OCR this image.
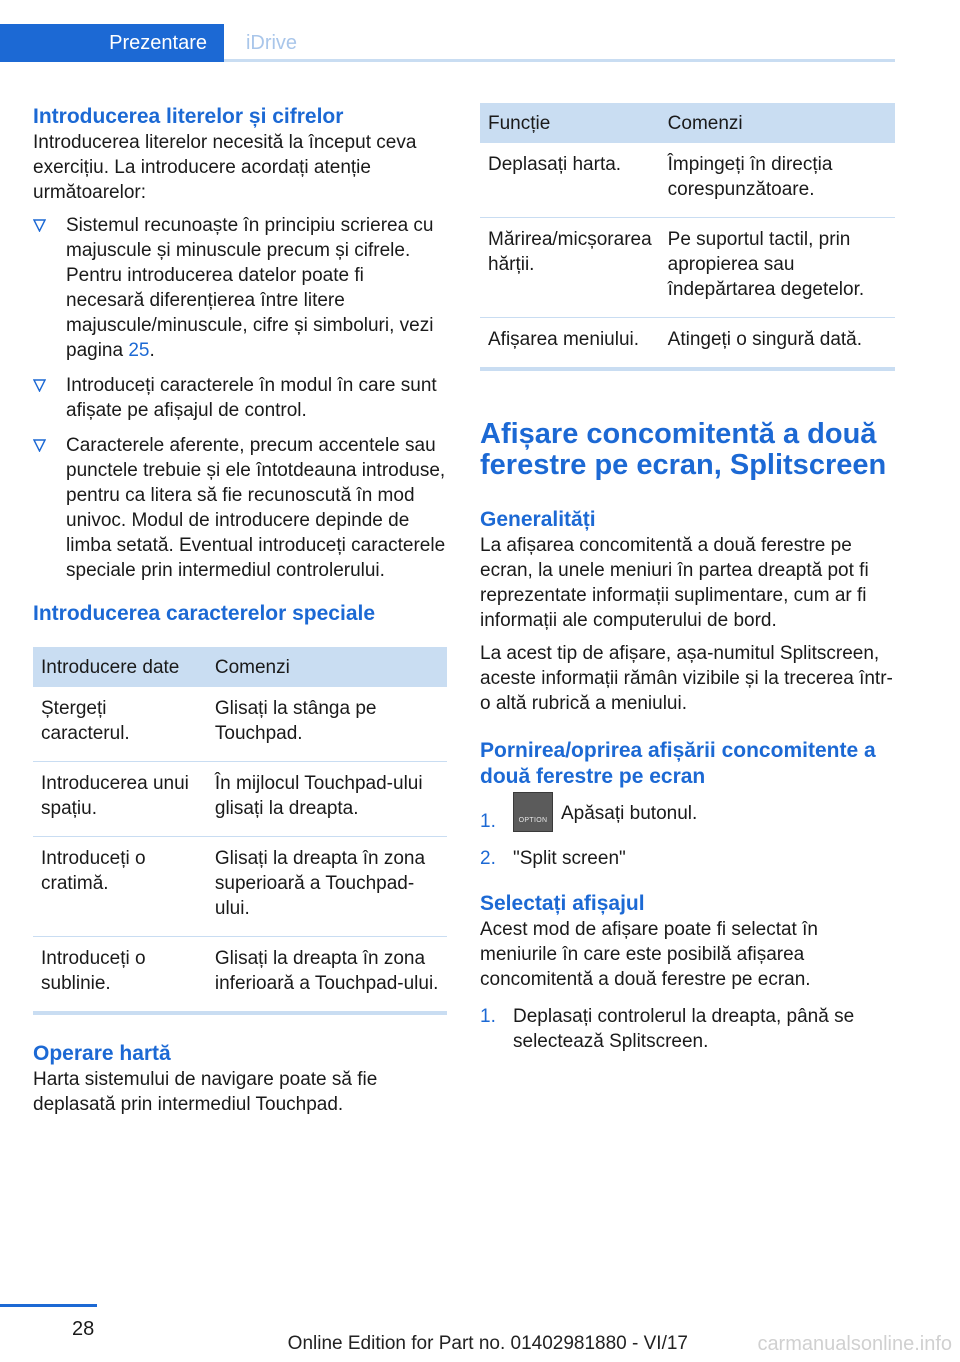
Prezentare	iDrive
Introducerea literelor și cifrelor

Introducerea literelor necesită la început ceva exercițiu. La introducere acordați atenție următoarelor:

Sistemul recunoaște în principiu scrierea cu majuscule și minuscule precum și cifrele. Pentru introducerea datelor poate fi necesară diferențierea între litere majuscule/minuscule, cifre și simboluri, vezi pagina 25.
Introduceți caracterele în modul în care sunt afișate pe afișajul de control.
Caracterele aferente, precum accentele sau punctele trebuie și ele întotdeauna introduse, pentru ca litera să fie recunoscută în mod univoc. Modul de introducere depinde de limba setată. Eventual introduceți caracterele speciale prin intermediul controlerului.
Introducerea caracterelor speciale
Introducere date	Comenzi
Ștergeți caracterul.	Glisați la stânga pe Touchpad.
Introducerea unui spațiu.	În mijlocul Touchpad-ului glisați la dreapta.
Introduceți o cratimă.	Glisați la dreapta în zona superioară a Touchpad-ului.
Introduceți o sublinie.	Glisați la dreapta în zona inferioară a Touchpad-ului.
Operare hartă

Harta sistemului de navigare poate să fie deplasată prin intermediul Touchpad.

Funcție	Comenzi
Deplasați harta.	Împingeți în direcția corespunzătoare.
Mărirea/micșorarea hărții.	Pe suportul tactil, prin apropierea sau îndepărtarea degetelor.
Afișarea meniului.	Atingeți o singură dată.
Afișare concomitentă a două ferestre pe ecran, Splitscreen
Generalități

La afișarea concomitentă a două ferestre pe ecran, la unele meniuri în partea dreaptă pot fi reprezentate informații suplimentare, cum ar fi informații ale computerului de bord.

La acest tip de afișare, așa-numitul Splitscreen, aceste informații rămân vizibile și la trecerea într-o altă rubrică a meniului.

Pornirea/oprirea afișării concomitente a două ferestre pe ecran
1.	OPTION Apăsați butonul.
2. "Split screen"
Selectați afișajul

Acest mod de afișare poate fi selectat în meniurile în care este posibilă afișarea concomitentă a două ferestre pe ecran.

1. Deplasați controlerul la dreapta, până se selectează Splitscreen.
28
Online Edition for Part no. 01402981880 - VI/17	carmanualsonline.info
